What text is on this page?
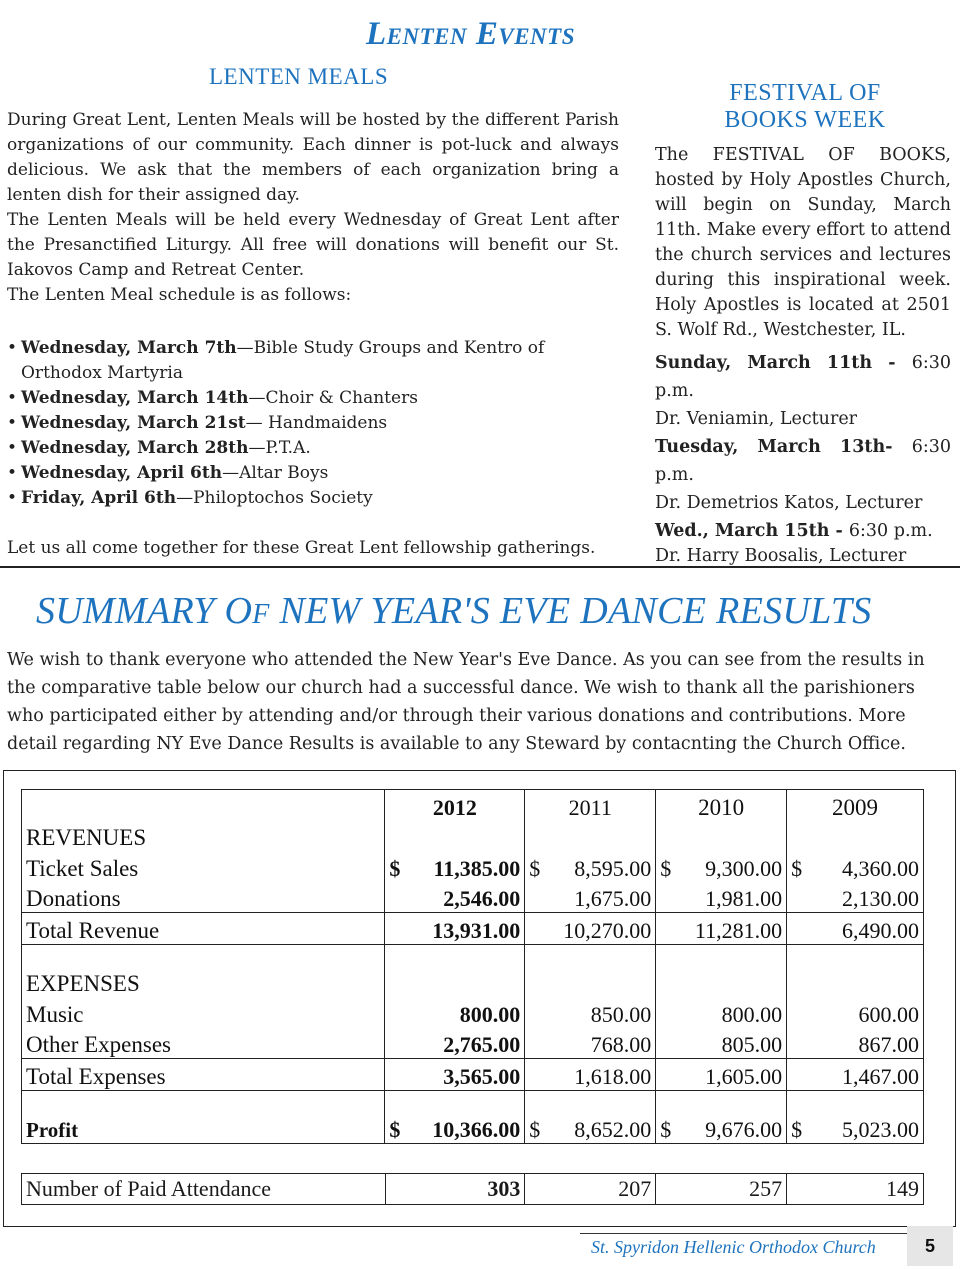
Lenten Events
LENTEN MEALS

During Great Lent, Lenten Meals will be hosted by the different Parish organizations of our community. Each dinner is pot-luck and always delicious. We ask that the members of each organization bring a lenten dish for their assigned day.

The Lenten Meals will be held every Wednesday of Great Lent after the Presanctified Liturgy. All free will donations will benefit our St. Iakovos Camp and Retreat Center.

The Lenten Meal schedule is as follows:

• Wednesday, March 7th—Bible Study Groups and Kentro of Orthodox Martyria
• Wednesday, March 14th—Choir & Chanters
• Wednesday, March 21st— Handmaidens
• Wednesday, March 28th—P.T.A.
• Wednesday, April 6th—Altar Boys
• Friday, April 6th—Philoptochos Society

Let us all come together for these Great Lent fellowship gatherings.

FESTIVAL OF
BOOKS WEEK

The FESTIVAL OF BOOKS, hosted by Holy Apostles Church, will begin on Sunday, March 11th. Make every effort to attend the church services and lectures during this inspirational week. Holy Apostles is located at 2501 S. Wolf Rd., Westchester, IL.

Sunday, March 11th - 6:30 p.m.

Dr. Veniamin, Lecturer

Tuesday, March 13th- 6:30 p.m.

Dr. Demetrios Katos, Lecturer

Wed., March 15th - 6:30 p.m.

Dr. Harry Boosalis, Lecturer

SUMMARY OF NEW YEAR'S EVE DANCE RESULTS
We wish to thank everyone who attended the New Year's Eve Dance. As you can see from the results in the comparative table below our church had a successful dance. We wish to thank all the parishioners who participated either by attending and/or through their various donations and contributions. More detail regarding NY Eve Dance Results is available to any Steward by contacnting the Church Office.
	2012	2011	2010	2009
REVENUES				
Ticket Sales	$ 11,385.00	$ 8,595.00	$ 9,300.00	$ 4,360.00
Donations	2,546.00	1,675.00	1,981.00	2,130.00
Total Revenue	13,931.00	10,270.00	11,281.00	6,490.00

EXPENSES				
Music	800.00	850.00	800.00	600.00
Other Expenses	2,765.00	768.00	805.00	867.00
Total Expenses	3,565.00	1,618.00	1,605.00	1,467.00

Profit	$ 10,366.00	$ 8,652.00	$ 9,676.00	$ 5,023.00
Number of Paid Attendance	303	207	257	149
St. Spyridon Hellenic Orthodox Church	5
